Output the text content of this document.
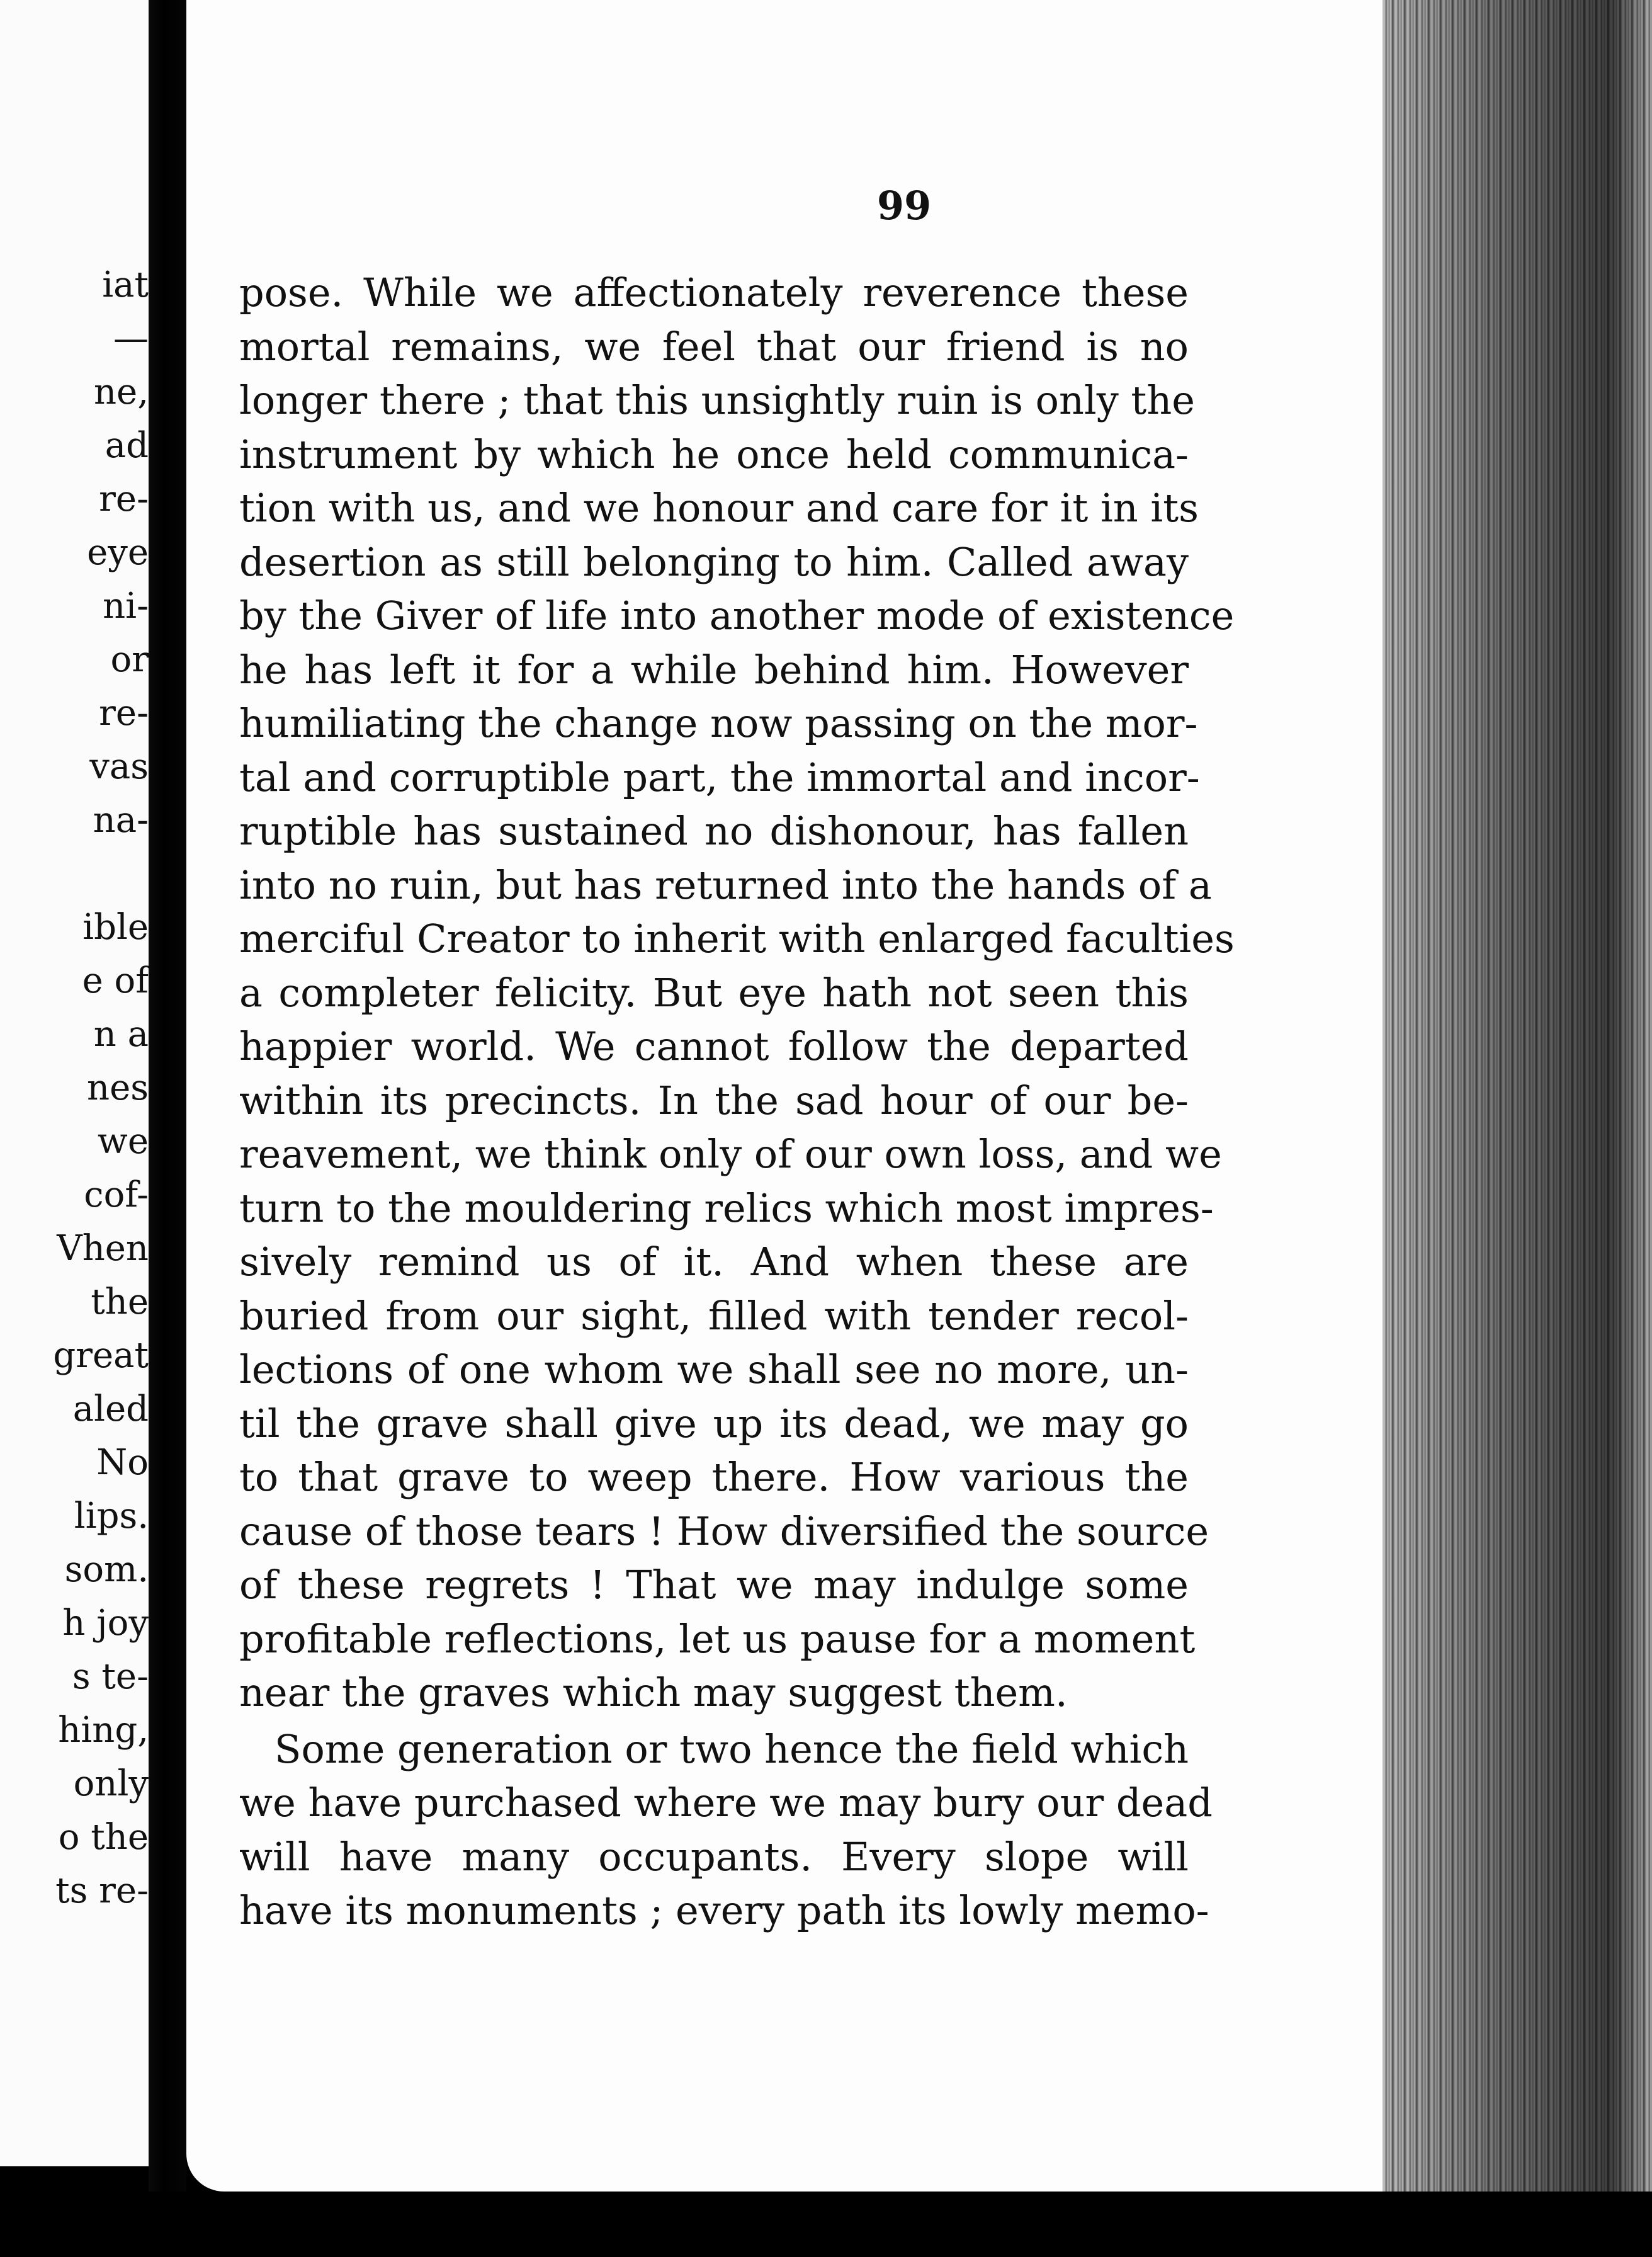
iat
—
ne,
ad
re-
eye
ni-
or
re-
vas
na-
ible
e of
n a
nes
we
cof-
Vhen
the
great
aled
No
lips.
som.
h joy
s te-
hing,
only
o the
ts re-
99
pose. While we affectionately reverence these
mortal remains, we feel that our friend is no
longer there ; that this unsightly ruin is only the
instrument by which he once held communica-
tion with us, and we honour and care for it in its
desertion as still belonging to him. Called away
by the Giver of life into another mode of existence
he has left it for a while behind him. However
humiliating the change now passing on the mor-
tal and corruptible part, the immortal and incor-
ruptible has sustained no dishonour, has fallen
into no ruin, but has returned into the hands of a
merciful Creator to inherit with enlarged faculties
a completer felicity. But eye hath not seen this
happier world. We cannot follow the departed
within its precincts. In the sad hour of our be-
reavement, we think only of our own loss, and we
turn to the mouldering relics which most impres-
sively remind us of it. And when these are
buried from our sight, filled with tender recol-
lections of one whom we shall see no more, un-
til the grave shall give up its dead, we may go
to that grave to weep there. How various the
cause of those tears ! How diversified the source
of these regrets ! That we may indulge some
profitable reflections, let us pause for a moment
near the graves which may suggest them.
Some generation or two hence the field which
we have purchased where we may bury our dead
will have many occupants. Every slope will
have its monuments ; every path its lowly memo-
